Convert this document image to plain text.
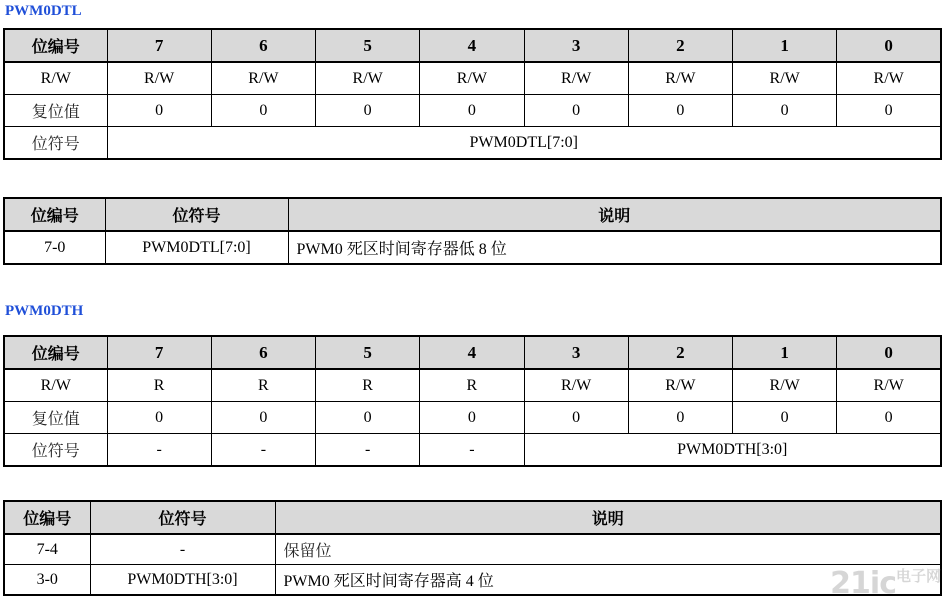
PWM0DTL
位编号	7	6	5	4	3	2	1	0
R/W	R/W	R/W	R/W	R/W	R/W	R/W	R/W	R/W
复位值	0	0	0	0	0	0	0	0
位符号	PWM0DTL[7:0]							
位编号	位符号	说明
7-0	PWM0DTL[7:0]	PWM0 死区时间寄存器低 8 位
PWM0DTH
位编号	7	6	5	4	3	2	1	0
R/W	R	R	R	R	R/W	R/W	R/W	R/W
复位值	0	0	0	0	0	0	0	0
位符号	-	-	-	-	PWM0DTH[3:0]			
位编号	位符号	说明
7-4	-	保留位
3-0	PWM0DTH[3:0]	PWM0 死区时间寄存器高 4 位	$21ic^{电子网}$
